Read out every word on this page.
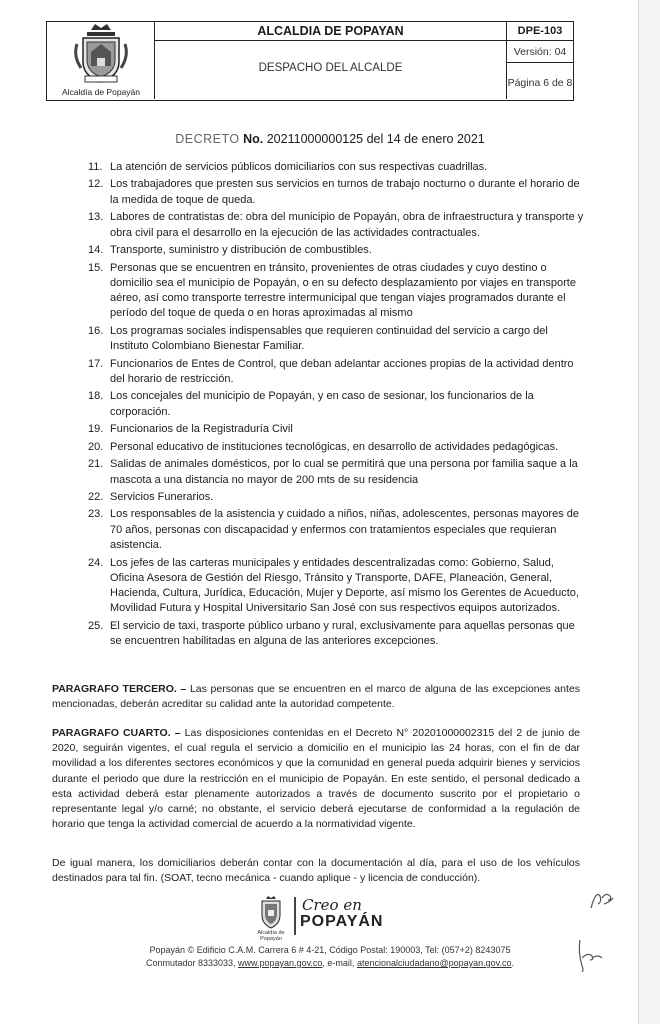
Alcaldía de Popayán
ALCALDIA DE POPAYAN	DPE-103
DESPACHO DEL ALCALDE
Versión: 04
Página 6 de 8
DECRETO No. 20211000000125 del 14 de enero 2021
11. La atención de servicios públicos domiciliarios con sus respectivas cuadrillas.
12. Los trabajadores que presten sus servicios en turnos de trabajo nocturno o durante el horario de la medida de toque de queda.
13. Labores de contratistas de: obra del municipio de Popayán, obra de infraestructura y transporte y obra civil para el desarrollo en la ejecución de las actividades contractuales.
14. Transporte, suministro y distribución de combustibles.
15. Personas que se encuentren en tránsito, provenientes de otras ciudades y cuyo destino o domicilio sea el municipio de Popayán, o en su defecto desplazamiento por viajes en transporte aéreo, así como transporte terrestre intermunicipal que tengan viajes programados durante el período del toque de queda o en horas aproximadas al mismo
16. Los programas sociales indispensables que requieren continuidad del servicio a cargo del Instituto Colombiano Bienestar Familiar.
17. Funcionarios de Entes de Control, que deban adelantar acciones propias de la actividad dentro del horario de restricción.
18. Los concejales del municipio de Popayán, y en caso de sesionar, los funcionarios de la corporación.
19. Funcionarios de la Registraduría Civil
20. Personal educativo de instituciones tecnológicas, en desarrollo de actividades pedagógicas.
21. Salidas de animales domésticos, por lo cual se permitirá que una persona por familia saque a la mascota a una distancia no mayor de 200 mts de su residencia
22. Servicios Funerarios.
23. Los responsables de la asistencia y cuidado a niños, niñas, adolescentes, personas mayores de 70 años, personas con discapacidad y enfermos con tratamientos especiales que requieran asistencia.
24. Los jefes de las carteras municipales y entidades descentralizadas como: Gobierno, Salud, Oficina Asesora de Gestión del Riesgo, Tránsito y Transporte, DAFE, Planeación, General, Hacienda, Cultura, Jurídica, Educación, Mujer y Deporte, así mismo los Gerentes de Acueducto, Movilidad Futura y Hospital Universitario San José con sus respectivos equipos autorizados.
25. El servicio de taxi, trasporte público urbano y rural, exclusivamente para aquellas personas que se encuentren habilitadas en alguna de las anteriores excepciones.
PARAGRAFO TERCERO. – Las personas que se encuentren en el marco de alguna de las excepciones antes mencionadas, deberán acreditar su calidad ante la autoridad competente.
PARAGRAFO CUARTO. – Las disposiciones contenidas en el Decreto N° 20201000002315 del 2 de junio de 2020, seguirán vigentes, el cual regula el servicio a domicilio en el municipio las 24 horas, con el fin de dar movilidad a los diferentes sectores económicos y que la comunidad en general pueda adquirir bienes y servicios durante el periodo que dure la restricción en el municipio de Popayán. En este sentido, el personal dedicado a esta actividad deberá estar plenamente autorizados a través de documento suscrito por el propietario o representante legal y/o carné; no obstante, el servicio deberá ejecutarse de conformidad a la regulación de horario que tenga la actividad comercial de acuerdo a la normatividad vigente.
De igual manera, los domiciliarios deberán contar con la documentación al día, para el uso de los vehículos destinados para tal fin. (SOAT, tecno mecánica - cuando aplique - y licencia de conducción).
Alcaldía de Popayán
Creo en
POPAYÁN
Popayán © Edificio C.A.M. Carrera 6 # 4-21, Código Postal: 190003, Tel: (057+2) 8243075
Conmutador 8333033, www.popayan.gov.co, e-mail, atencionalciudadano@popayan.gov.co.
